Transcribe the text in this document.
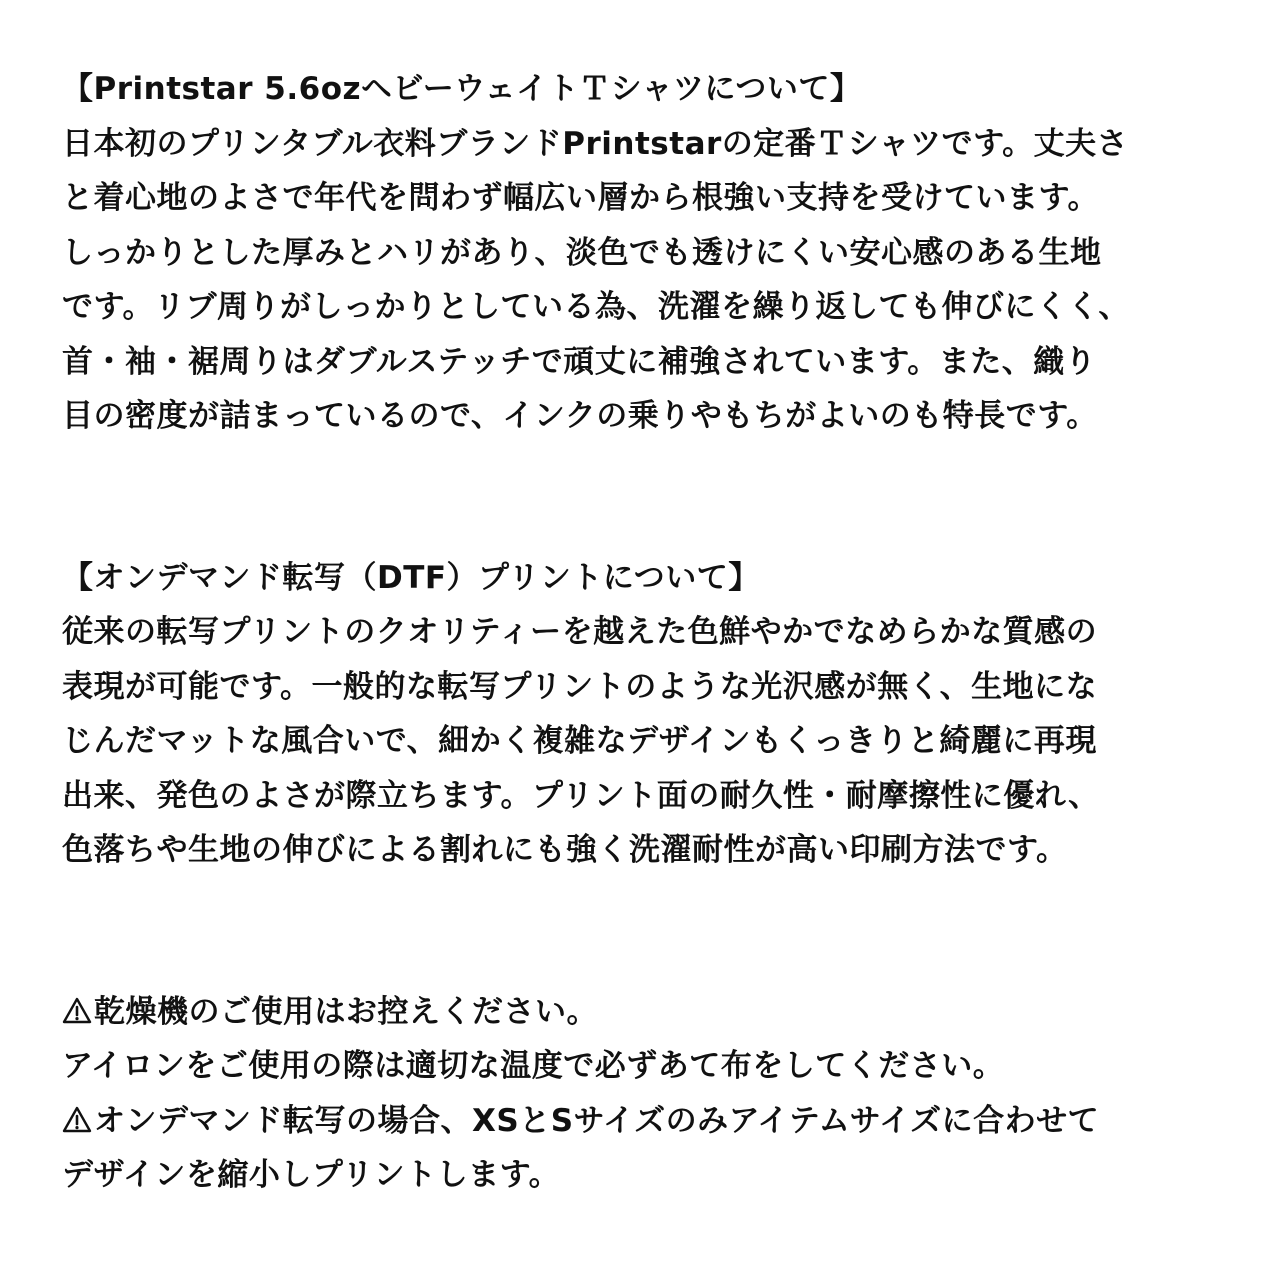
【Printstar 5.6ozヘビーウェイトＴシャツについて】
日本初のプリンタブル衣料ブランドPrintstarの定番Ｔシャツです。丈夫さ
と着心地のよさで年代を問わず幅広い層から根強い支持を受けています。
しっかりとした厚みとハリがあり、淡色でも透けにくい安心感のある生地
です。リブ周りがしっかりとしている為、洗濯を繰り返しても伸びにくく、
首・袖・裾周りはダブルステッチで頑丈に補強されています。また、織り
目の密度が詰まっているので、インクの乗りやもちがよいのも特長です。
【オンデマンド転写（DTF）プリントについて】
従来の転写プリントのクオリティーを越えた色鮮やかでなめらかな質感の
表現が可能です。一般的な転写プリントのような光沢感が無く、生地にな
じんだマットな風合いで、細かく複雑なデザインもくっきりと綺麗に再現
出来、発色のよさが際立ちます。プリント面の耐久性・耐摩擦性に優れ、
色落ちや生地の伸びによる割れにも強く洗濯耐性が高い印刷方法です。
乾燥機のご使用はお控えください。
アイロンをご使用の際は適切な温度で必ずあて布をしてください。
オンデマンド転写の場合、XSとSサイズのみアイテムサイズに合わせて
デザインを縮小しプリントします。
